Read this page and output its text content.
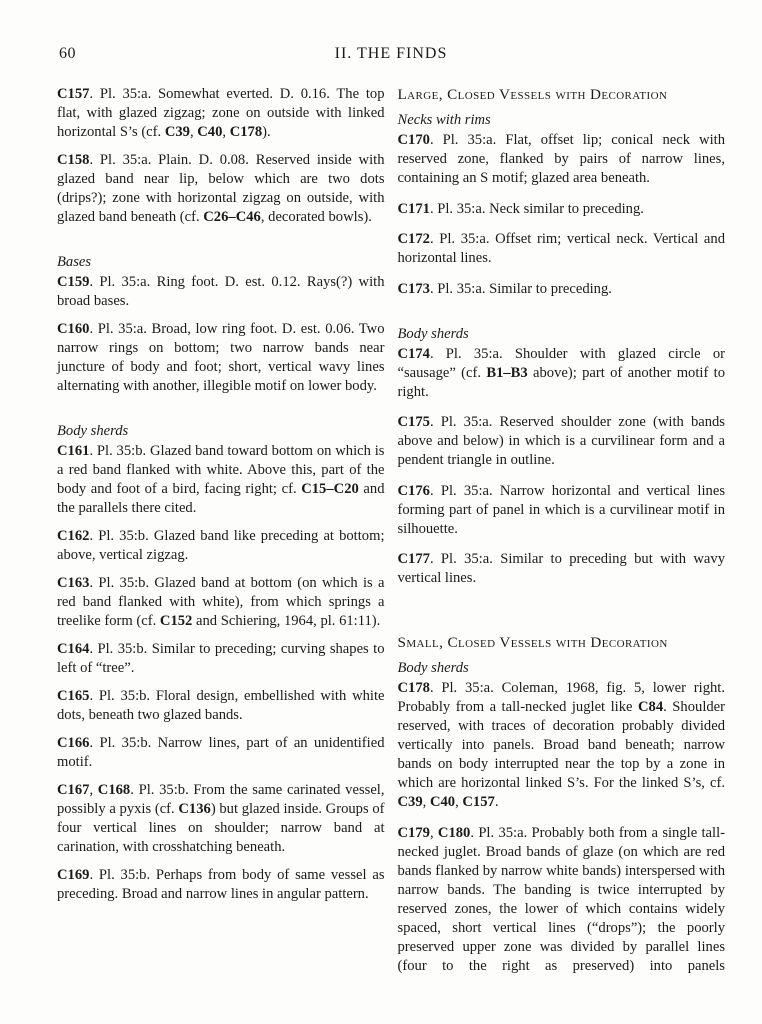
60	II. THE FINDS

C157. Pl. 35:a. Somewhat everted. D. 0.16. The top flat, with glazed zigzag; zone on outside with linked horizontal S’s (cf. C39, C40, C178).

C158. Pl. 35:a. Plain. D. 0.08. Reserved inside with glazed band near lip, below which are two dots (drips?); zone with horizontal zigzag on outside, with glazed band beneath (cf. C26–C46, decorated bowls).

Bases

C159. Pl. 35:a. Ring foot. D. est. 0.12. Rays(?) with broad bases.

C160. Pl. 35:a. Broad, low ring foot. D. est. 0.06. Two narrow rings on bottom; two narrow bands near juncture of body and foot; short, vertical wavy lines alternating with another, illegible motif on lower body.

Body sherds

C161. Pl. 35:b. Glazed band toward bottom on which is a red band flanked with white. Above this, part of the body and foot of a bird, facing right; cf. C15–C20 and the parallels there cited.

C162. Pl. 35:b. Glazed band like preceding at bottom; above, vertical zigzag.

C163. Pl. 35:b. Glazed band at bottom (on which is a red band flanked with white), from which springs a treelike form (cf. C152 and Schiering, 1964, pl. 61:11).

C164. Pl. 35:b. Similar to preceding; curving shapes to left of “tree”.

C165. Pl. 35:b. Floral design, embellished with white dots, beneath two glazed bands.

C166. Pl. 35:b. Narrow lines, part of an unidentified motif.

C167, C168. Pl. 35:b. From the same carinated vessel, possibly a pyxis (cf. C136) but glazed inside. Groups of four vertical lines on shoulder; narrow band at carination, with crosshatching beneath.

C169. Pl. 35:b. Perhaps from body of same vessel as preceding. Broad and narrow lines in angular pattern.

Large, Closed Vessels with Decoration

Necks with rims

C170. Pl. 35:a. Flat, offset lip; conical neck with reserved zone, flanked by pairs of narrow lines, containing an S motif; glazed area beneath.

C171. Pl. 35:a. Neck similar to preceding.

C172. Pl. 35:a. Offset rim; vertical neck. Vertical and horizontal lines.

C173. Pl. 35:a. Similar to preceding.

Body sherds

C174. Pl. 35:a. Shoulder with glazed circle or “sausage” (cf. B1–B3 above); part of another motif to right.

C175. Pl. 35:a. Reserved shoulder zone (with bands above and below) in which is a curvilinear form and a pendent triangle in outline.

C176. Pl. 35:a. Narrow horizontal and vertical lines forming part of panel in which is a curvilinear motif in silhouette.

C177. Pl. 35:a. Similar to preceding but with wavy vertical lines.

Small, Closed Vessels with Decoration

Body sherds

C178. Pl. 35:a. Coleman, 1968, fig. 5, lower right. Probably from a tall-necked juglet like C84. Shoulder reserved, with traces of decoration probably divided vertically into panels. Broad band beneath; narrow bands on body interrupted near the top by a zone in which are horizontal linked S’s. For the linked S’s, cf. C39, C40, C157.

C179, C180. Pl. 35:a. Probably both from a single tall-necked juglet. Broad bands of glaze (on which are red bands flanked by narrow white bands) interspersed with narrow bands. The banding is twice interrupted by reserved zones, the lower of which contains widely spaced, short vertical lines (“drops”); the poorly preserved upper zone was divided by parallel lines (four to the right as preserved) into panels
